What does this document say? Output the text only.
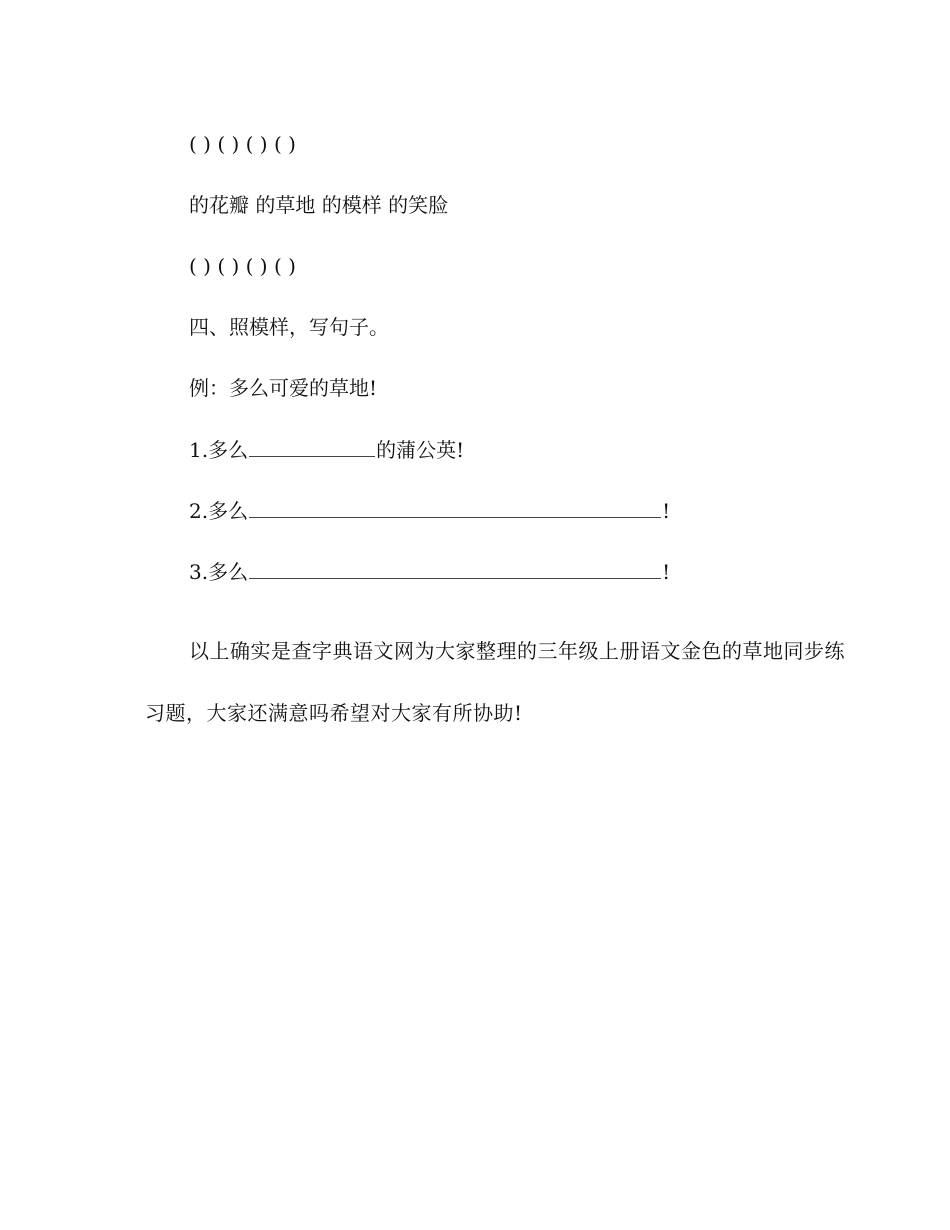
( ) ( ) ( ) ( )
的花瓣 的草地 的模样 的笑脸
( ) ( ) ( ) ( )
四、照模样，写句子。
例：多么可爱的草地!
1.多么	的蒲公英!
2.多么	!
3.多么	!
以上确实是查字典语文网为大家整理的三年级上册语文金色的草地同步练习题，大家还满意吗希望对大家有所协助!
